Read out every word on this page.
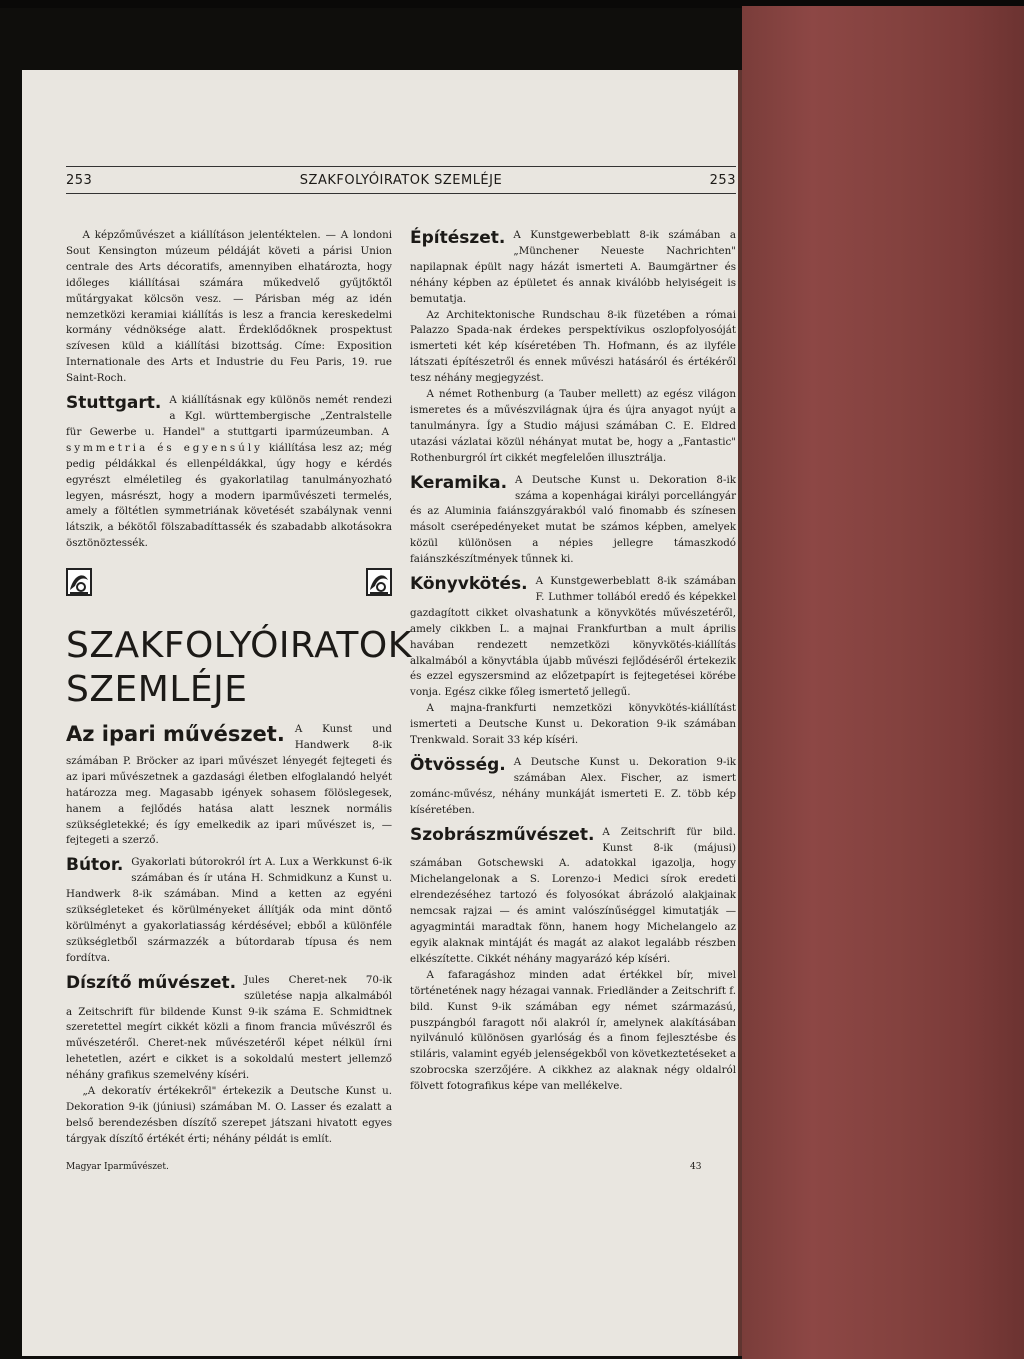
253	SZAKFOLYÓIRATOK SZEMLÉJE	253

A képzőművészet a kiállításon jelentéktelen. — A londoni Sout Kensington múzeum példáját követi a párisi Union centrale des Arts décoratifs, amennyiben elhatározta, hogy időleges kiállításai számára műkedvelő gyűjtőktől műtárgyakat kölcsön vesz. — Párisban még az idén nemzetközi keramiai kiállítás is lesz a francia kereskedelmi kormány védnöksége alatt. Érdeklődőknek prospektust szívesen küld a kiállítási bizottság. Címe: Exposition Internationale des Arts et Industrie du Feu Paris, 19. rue Saint-Roch.

Stuttgart. A kiállításnak egy különös nemét rendezi a Kgl. württembergische „Zentralstelle für Gewerbe u. Handel" a stuttgarti iparmúzeumban. A symmetria és egyensúly kiállítása lesz az; még pedig példákkal és ellenpéldákkal, úgy hogy e kérdés egyrészt elméletileg és gyakorlatilag tanulmányozható legyen, másrészt, hogy a modern iparművészeti termelés, amely a föltétlen symmetriának követését szabálynak venni látszik, a békötől fölszabadíttassék és szabadabb alkotásokra ösztönöztessék.

SZAKFOLYÓIRATOK
SZEMLÉJE

Az ipari művészet. A Kunst und Handwerk 8-ik számában P. Bröcker az ipari művészet lényegét fejtegeti és az ipari művészetnek a gazdasági életben elfoglalandó helyét határozza meg. Magasabb igények sohasem fölöslegesek, hanem a fejlődés hatása alatt lesznek normális szükségletekké; és így emelkedik az ipari művészet is, — fejtegeti a szerző.

Bútor. Gyakorlati bútorokról írt A. Lux a Werkkunst 6-ik számában és ír utána H. Schmidkunz a Kunst u. Handwerk 8-ik számában. Mind a ketten az egyéni szükségleteket és körülményeket állítják oda mint döntő körülményt a gyakorlatiasság kérdésével; ebből a különféle szükségletből származzék a bútordarab típusa és nem fordítva.

Díszítő művészet. Jules Cheret-nek 70-ik születése napja alkalmából a Zeitschrift für bildende Kunst 9-ik száma E. Schmidtnek szeretettel megírt cikkét közli a finom francia művészről és művészetéről. Cheret-nek művészetéről képet nélkül írni lehetetlen, azért e cikket is a sokoldalú mestert jellemző néhány grafikus szemelvény kíséri.

„A dekoratív értékekről" értekezik a Deutsche Kunst u. Dekoration 9-ik (júniusi) számában M. O. Lasser és ezalatt a belső berendezésben díszítő szerepet játszani hivatott egyes tárgyak díszítő értékét érti; néhány példát is említ.

Magyar Iparművészet.

Építészet. A Kunstgewerbeblatt 8-ik számában a „Münchener Neueste Nachrichten" napilapnak épült nagy házát ismerteti A. Baumgärtner és néhány képben az épületet és annak kiválóbb helyiségeit is bemutatja.

Az Architektonische Rundschau 8-ik füzetében a római Palazzo Spada-nak érdekes perspektívikus oszlopfolyosóját ismerteti két kép kíséretében Th. Hofmann, és az ilyféle látszati építészetről és ennek művészi hatásáról és értékéről tesz néhány megjegyzést.

A német Rothenburg (a Tauber mellett) az egész világon ismeretes és a művészvilágnak újra és újra anyagot nyújt a tanulmányra. Így a Studio májusi számában C. E. Eldred utazási vázlatai közül néhányat mutat be, hogy a „Fantastic" Rothenburgról írt cikkét megfelelően illusztrálja.

Keramika. A Deutsche Kunst u. Dekoration 8-ik száma a kopenhágai királyi porcellángyár és az Aluminia faiánszgyárakból való finomabb és színesen másolt cserépedényeket mutat be számos képben, amelyek közül különösen a népies jellegre támaszkodó faiánszkészítmények tűnnek ki.

Könyvkötés. A Kunstgewerbeblatt 8-ik számában F. Luthmer tollából eredő és képekkel gazdagított cikket olvashatunk a könyvkötés művészetéről, amely cikkben L. a majnai Frankfurtban a mult április havában rendezett nemzetközi könyvkötés-kiállítás alkalmából a könyvtábla újabb művészi fejlődéséről értekezik és ezzel egyszersmind az előzetpapírt is fejtegetései körébe vonja. Egész cikke főleg ismertető jellegű.

A majna-frankfurti nemzetközi könyvkötés-kiállítást ismerteti a Deutsche Kunst u. Dekoration 9-ik számában Trenkwald. Sorait 33 kép kíséri.

Ötvösség. A Deutsche Kunst u. Dekoration 9-ik számában Alex. Fischer, az ismert zománc-művész, néhány munkáját ismerteti E. Z. több kép kíséretében.

Szobrászművészet. A Zeitschrift für bild. Kunst 8-ik (májusi) számában Gotschewski A. adatokkal igazolja, hogy Michelangelonak a S. Lorenzo-i Medici sírok eredeti elrendezéséhez tartozó és folyosókat ábrázoló alakjainak nemcsak rajzai — és amint valószínűséggel kimutatják — agyagmintái maradtak fönn, hanem hogy Michelangelo az egyik alaknak mintáját és magát az alakot legalább részben elkészítette. Cikkét néhány magyarázó kép kíséri.

A fafaragáshoz minden adat értékkel bír, mivel történetének nagy hézagai vannak. Friedländer a Zeitschrift f. bild. Kunst 9-ik számában egy német származású, puszpángból faragott női alakról ír, amelynek alakításában nyilvánuló különösen gyarlóság és a finom fejlesztésbe és stiláris, valamint egyéb jelenségekből von következtetéseket a szobrocska szerzőjére. A cikkhez az alaknak négy oldalról fölvett fotografikus képe van mellékelve.

43
